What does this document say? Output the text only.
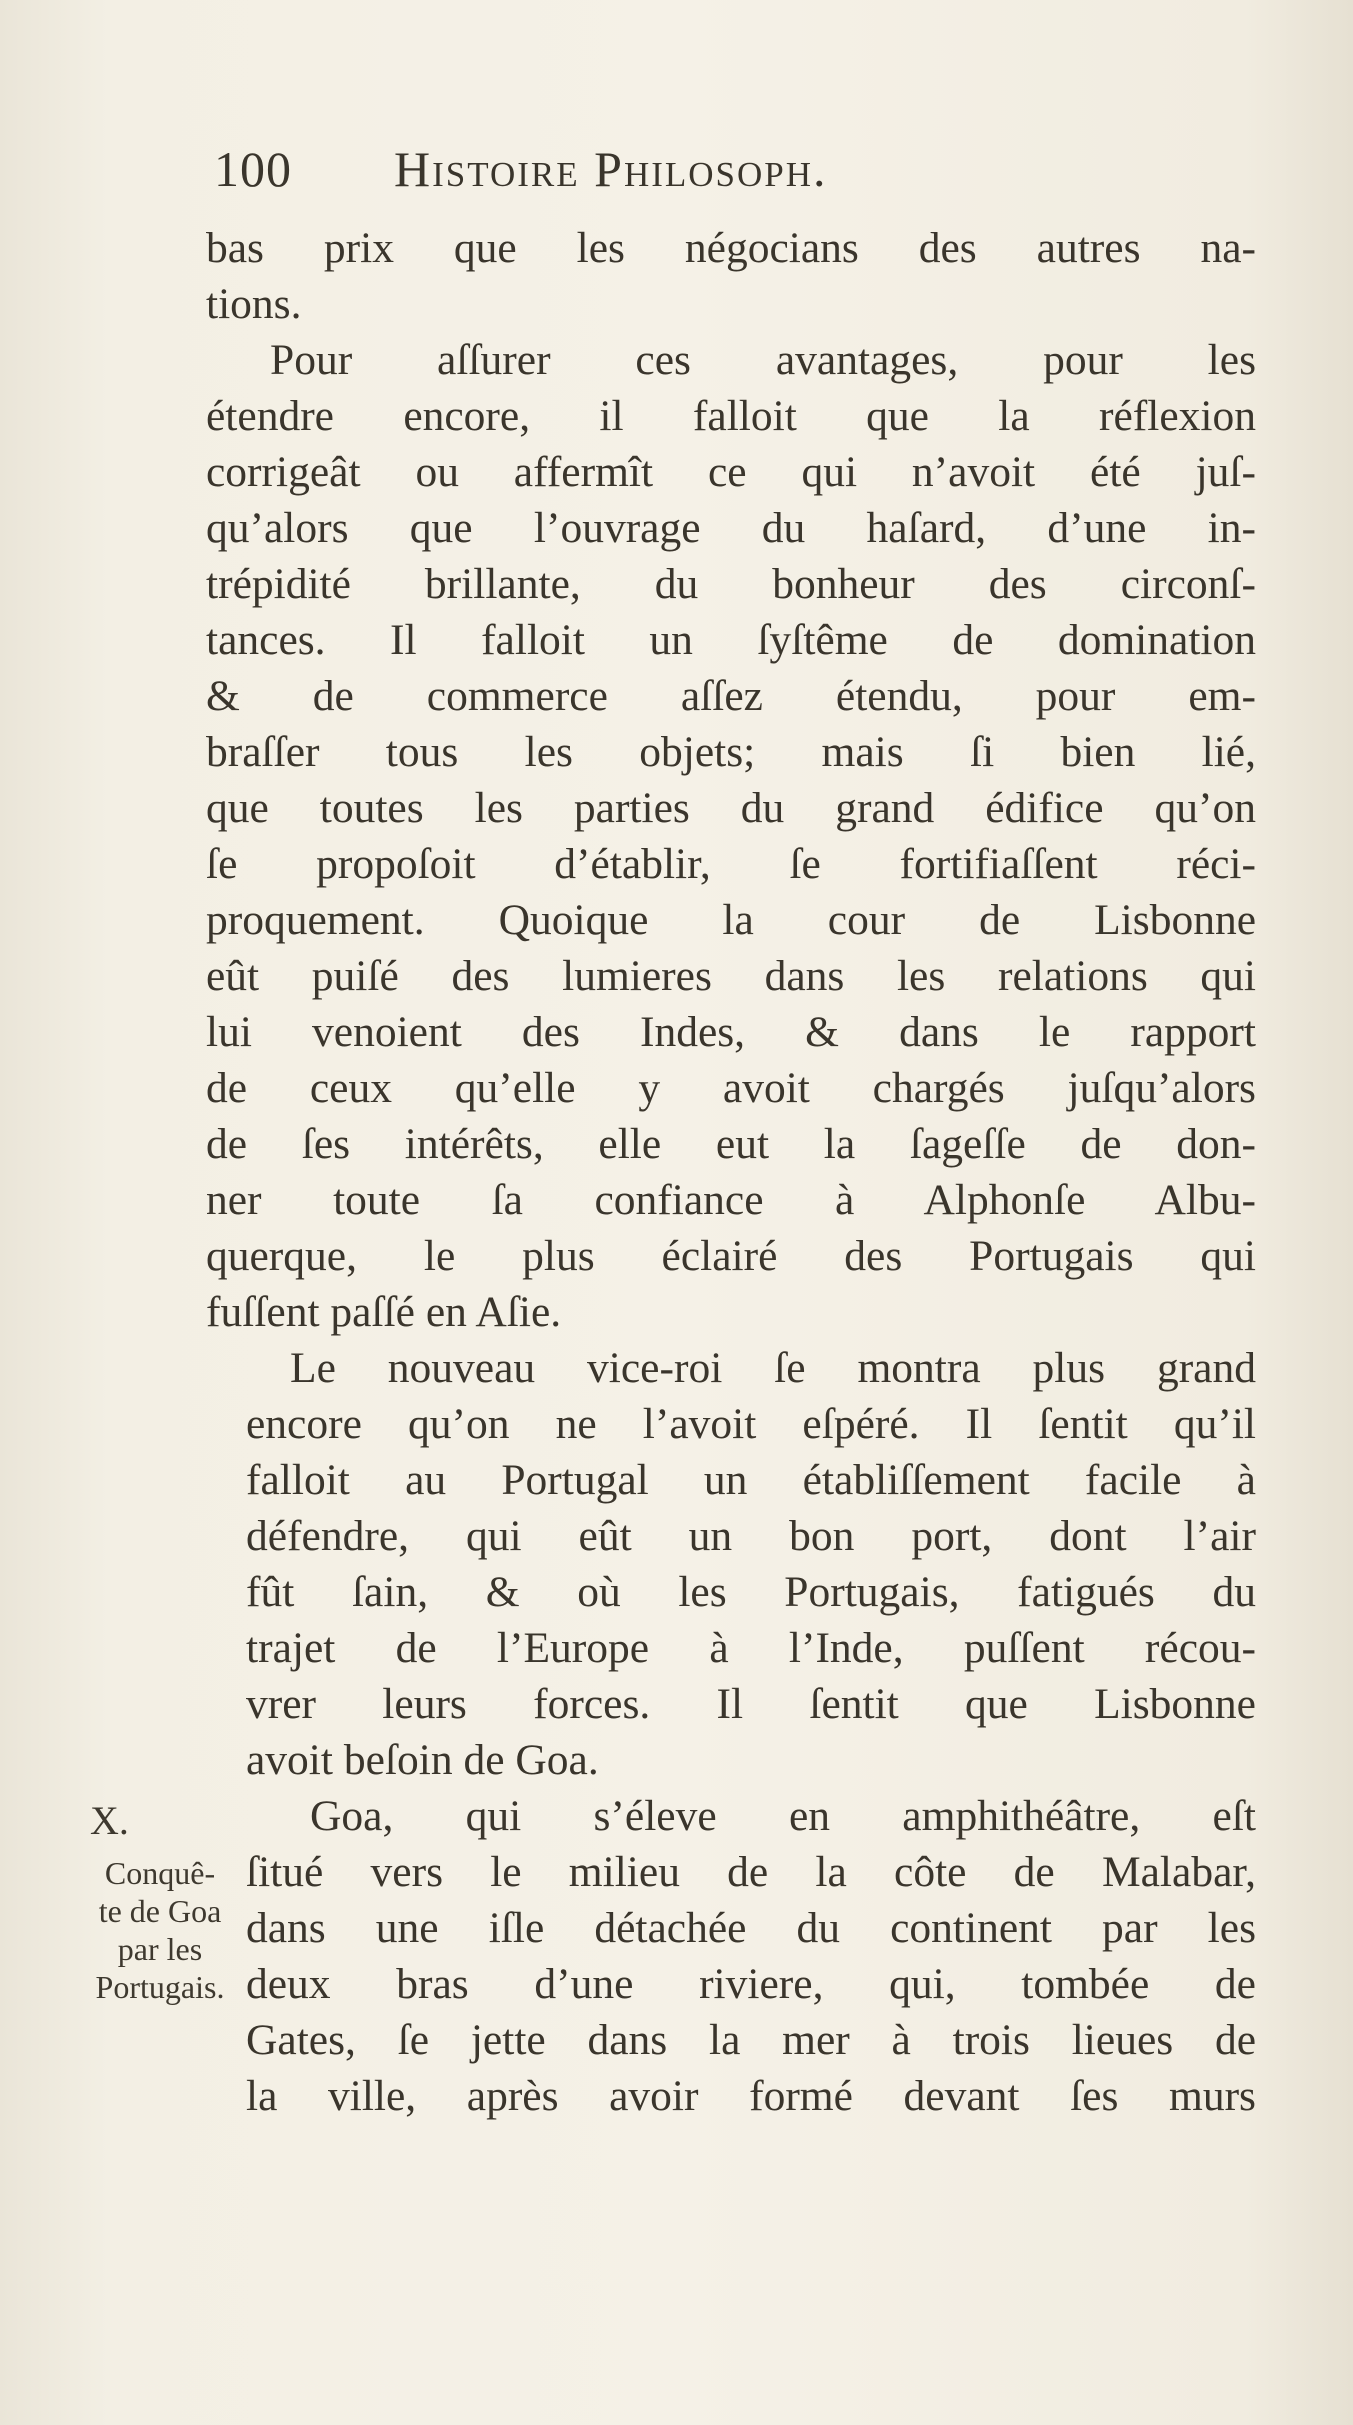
100 Histoire Philosoph.
bas prix que les négocians des autres na-
tions.
Pour aſſurer ces avantages, pour les
étendre encore, il falloit que la réflexion
corrigeât ou affermît ce qui n’avoit été juſ-
qu’alors que l’ouvrage du haſard, d’une in-
trépidité brillante, du bonheur des circonſ-
tances. Il falloit un ſyſtême de domination
& de commerce aſſez étendu, pour em-
braſſer tous les objets; mais ſi bien lié,
que toutes les parties du grand édifice qu’on
ſe propoſoit d’établir, ſe fortifiaſſent réci-
proquement. Quoique la cour de Lisbonne
eût puiſé des lumieres dans les relations qui
lui venoient des Indes, & dans le rapport
de ceux qu’elle y avoit chargés juſqu’alors
de ſes intérêts, elle eut la ſageſſe de don-
ner toute ſa confiance à Alphonſe Albu-
querque, le plus éclairé des Portugais qui
fuſſent paſſé en Aſie.
Le nouveau vice-roi ſe montra plus grand
encore qu’on ne l’avoit eſpéré. Il ſentit qu’il
falloit au Portugal un établiſſement facile à
défendre, qui eût un bon port, dont l’air
fût ſain, & où les Portugais, fatigués du
trajet de l’Europe à l’Inde, puſſent récou-
vrer leurs forces. Il ſentit que Lisbonne
avoit beſoin de Goa.
Goa, qui s’éleve en amphithéâtre, eſt
ſitué vers le milieu de la côte de Malabar,
dans une iſle détachée du continent par les
deux bras d’une riviere, qui, tombée de
Gates, ſe jette dans la mer à trois lieues de
la ville, après avoir formé devant ſes murs
X.
Conquê-
te de Goa
par les
Portugais.
